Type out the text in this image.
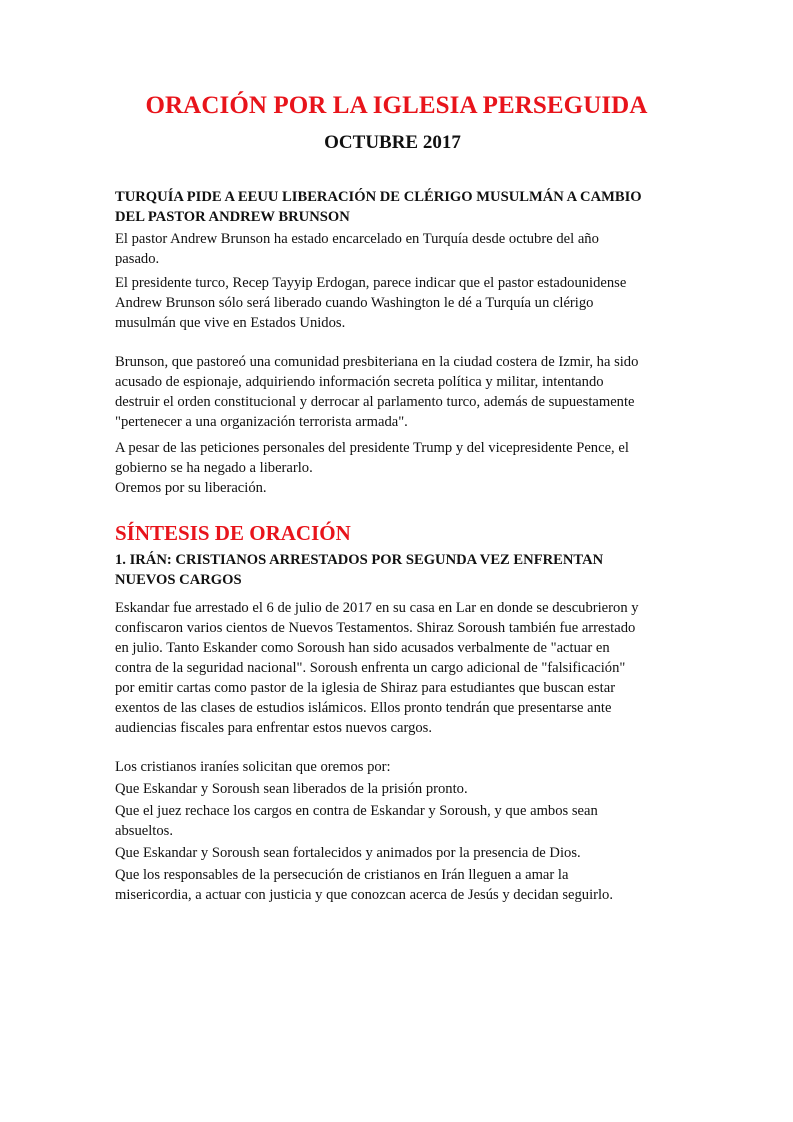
ORACIÓN POR LA IGLESIA PERSEGUIDA
OCTUBRE 2017

TURQUÍA PIDE A EEUU LIBERACIÓN DE CLÉRIGO MUSULMÁN A CAMBIO DEL PASTOR ANDREW BRUNSON

El pastor Andrew Brunson ha estado encarcelado en Turquía desde octubre del año pasado.

El presidente turco, Recep Tayyip Erdogan, parece indicar que el pastor estadounidense Andrew Brunson sólo será liberado cuando Washington le dé a Turquía un clérigo musulmán que vive en Estados Unidos.

Brunson, que pastoreó una comunidad presbiteriana en la ciudad costera de Izmir, ha sido acusado de espionaje, adquiriendo información secreta política y militar, intentando destruir el orden constitucional y derrocar al parlamento turco, además de supuestamente "pertenecer a una organización terrorista armada".

A pesar de las peticiones personales del presidente Trump y del vicepresidente Pence, el gobierno se ha negado a liberarlo.

Oremos por su liberación.

SÍNTESIS DE ORACIÓN

1. IRÁN: CRISTIANOS ARRESTADOS POR SEGUNDA VEZ ENFRENTAN NUEVOS CARGOS

Eskandar fue arrestado el 6 de julio de 2017 en su casa en Lar en donde se descubrieron y confiscaron varios cientos de Nuevos Testamentos. Shiraz Soroush también fue arrestado en julio. Tanto Eskander como Soroush han sido acusados verbalmente de "actuar en contra de la seguridad nacional". Soroush enfrenta un cargo adicional de "falsificación" por emitir cartas como pastor de la iglesia de Shiraz para estudiantes que buscan estar exentos de las clases de estudios islámicos. Ellos pronto tendrán que presentarse ante audiencias fiscales para enfrentar estos nuevos cargos.

Los cristianos iraníes solicitan que oremos por:

Que Eskandar y Soroush sean liberados de la prisión pronto.

Que el juez rechace los cargos en contra de Eskandar y Soroush, y que ambos sean absueltos.

Que Eskandar y Soroush sean fortalecidos y animados por la presencia de Dios.

Que los responsables de la persecución de cristianos en Irán lleguen a amar la misericordia, a actuar con justicia y que conozcan acerca de Jesús y decidan seguirlo.
